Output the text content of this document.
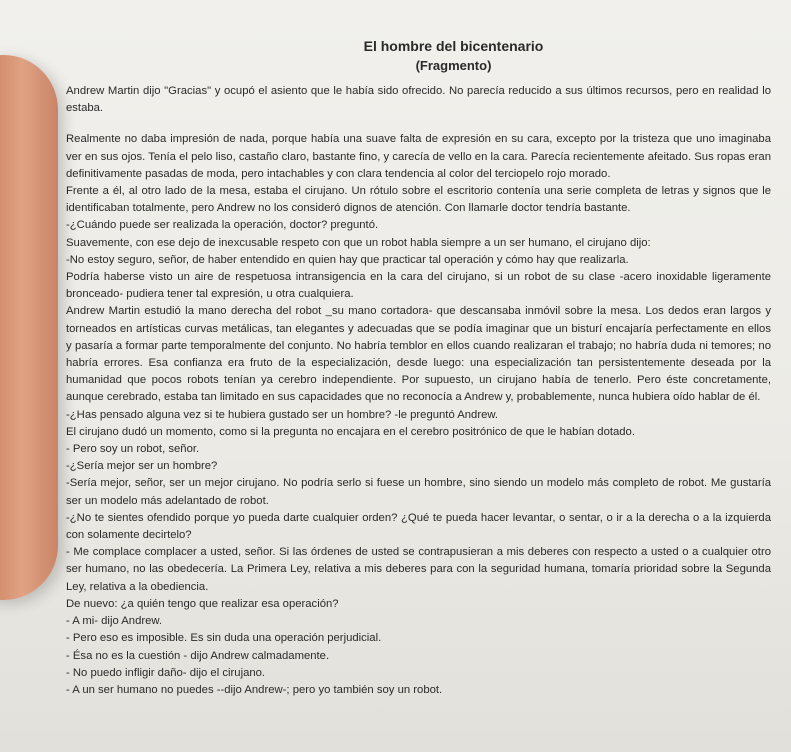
El hombre del bicentenario
(Fragmento)

Andrew Martin dijo "Gracias" y ocupó el asiento que le había sido ofrecido. No parecía reducido a sus últimos recursos, pero en realidad lo estaba.

Realmente no daba impresión de nada, porque había una suave falta de expresión en su cara, excepto por la tristeza que uno imaginaba ver en sus ojos. Tenía el pelo liso, castaño claro, bastante fino, y carecía de vello en la cara. Parecía recientemente afeitado. Sus ropas eran definitivamente pasadas de moda, pero intachables y con clara tendencia al color del terciopelo rojo morado.

Frente a él, al otro lado de la mesa, estaba el cirujano. Un rótulo sobre el escritorio contenía una serie completa de letras y signos que le identificaban totalmente, pero Andrew no los consideró dignos de atención. Con llamarle doctor tendría bastante.

-¿Cuándo puede ser realizada la operación, doctor? preguntó.

Suavemente, con ese dejo de inexcusable respeto con que un robot habla siempre a un ser humano, el cirujano dijo:

-No estoy seguro, señor, de haber entendido en quien hay que practicar tal operación y cómo hay que realizarla.

Podría haberse visto un aire de respetuosa intransigencia en la cara del cirujano, si un robot de su clase -acero inoxidable ligeramente bronceado- pudiera tener tal expresión, u otra cualquiera.

Andrew Martin estudió la mano derecha del robot _su mano cortadora- que descansaba inmóvil sobre la mesa. Los dedos eran largos y torneados en artísticas curvas metálicas, tan elegantes y adecuadas que se podía imaginar que un bisturí encajaría perfectamente en ellos y pasaría a formar parte temporalmente del conjunto. No habría temblor en ellos cuando realizaran el trabajo; no habría duda ni temores; no habría errores. Esa confianza era fruto de la especialización, desde luego: una especialización tan persistentemente deseada por la humanidad que pocos robots tenían ya cerebro independiente. Por supuesto, un cirujano había de tenerlo. Pero éste concretamente, aunque cerebrado, estaba tan limitado en sus capacidades que no reconocía a Andrew y, probablemente, nunca hubiera oído hablar de él.

-¿Has pensado alguna vez si te hubiera gustado ser un hombre? -le preguntó Andrew.

El cirujano dudó un momento, como si la pregunta no encajara en el cerebro positrónico de que le habían dotado.

- Pero soy un robot, señor.

-¿Sería mejor ser un hombre?

-Sería mejor, señor, ser un mejor cirujano. No podría serlo si fuese un hombre, sino siendo un modelo más completo de robot. Me gustaría ser un modelo más adelantado de robot.

-¿No te sientes ofendido porque yo pueda darte cualquier orden? ¿Qué te pueda hacer levantar, o sentar, o ir a la derecha o a la izquierda con solamente decirtelo?

- Me complace complacer a usted, señor. Si las órdenes de usted se contrapusieran a mis deberes con respecto a usted o a cualquier otro ser humano, no las obedecería. La Primera Ley, relativa a mis deberes para con la seguridad humana, tomaría prioridad sobre la Segunda Ley, relativa a la obediencia.

De nuevo: ¿a quién tengo que realizar esa operación?

- A mi- dijo Andrew.

- Pero eso es imposible. Es sin duda una operación perjudicial.

- Ésa no es la cuestión - dijo Andrew calmadamente.

- No puedo infligir daño- dijo el cirujano.

- A un ser humano no puedes --dijo Andrew-; pero yo también soy un robot.
